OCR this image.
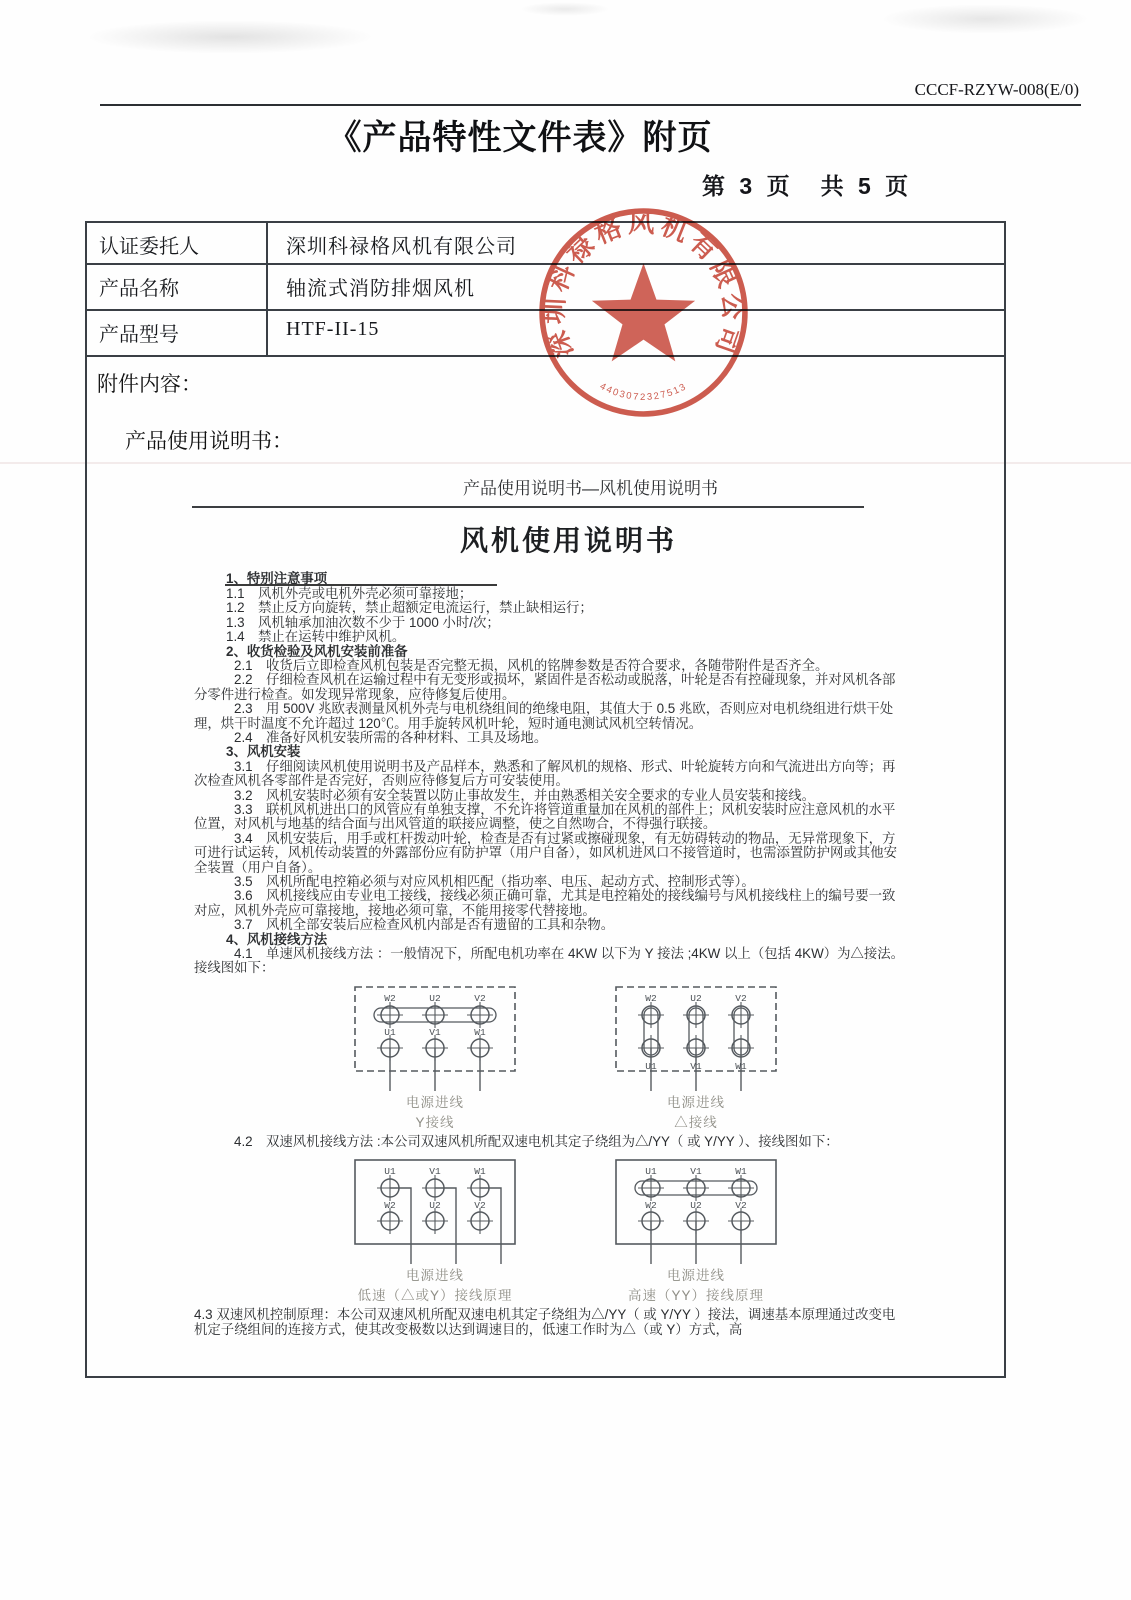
CCCF-RZYW-008(E/0)
《产品特性文件表》附页
第 3 页　共 5 页
认证委托人	深圳科禄格风机有限公司
产品名称	轴流式消防排烟风机
产品型号	HTF-II-15
附件内容：
产品使用说明书：
产品使用说明书—风机使用说明书
风机使用说明书
1、特别注意事项
1.1　风机外壳或电机外壳必须可靠接地；
1.2　禁止反方向旋转，禁止超额定电流运行，禁止缺相运行；
1.3　风机轴承加油次数不少于 1000 小时/次；
1.4　禁止在运转中维护风机。
2、收货检验及风机安装前准备
2.1　收货后立即检查风机包装是否完整无损，风机的铭牌参数是否符合要求，各随带附件是否齐全。
2.2　仔细检查风机在运输过程中有无变形或损坏，紧固件是否松动或脱落，叶轮是否有控碰现象，并对风机各部分零件进行检查。如发现异常现象，应待修复后使用。
2.3　用 500V 兆欧表测量风机外壳与电机绕组间的绝缘电阻，其值大于 0.5 兆欧，否则应对电机绕组进行烘干处理，烘干时温度不允许超过 120℃。用手旋转风机叶轮，短时通电测试风机空转情况。
2.4　准备好风机安装所需的各种材料、工具及场地。
3、风机安装
3.1　仔细阅读风机使用说明书及产品样本，熟悉和了解风机的规格、形式、叶轮旋转方向和气流进出方向等；再次检查风机各零部件是否完好，否则应待修复后方可安装使用。
3.2　风机安装时必须有安全装置以防止事故发生，并由熟悉相关安全要求的专业人员安装和接线。
3.3　联机风机进出口的风管应有单独支撑，不允许将管道重量加在风机的部件上；风机安装时应注意风机的水平位置，对风机与地基的结合面与出风管道的联接应调整，使之自然吻合，不得强行联接。
3.4　风机安装后，用手或杠杆拨动叶轮，检查是否有过紧或擦碰现象，有无妨碍转动的物品，无异常现象下，方可进行试运转，风机传动装置的外露部份应有防护罩（用户自备），如风机进风口不接管道时，也需添置防护网或其他安全装置（用户自备）。
3.5　风机所配电控箱必须与对应风机相匹配（指功率、电压、起动方式、控制形式等）。
3.6　风机接线应由专业电工接线，接线必须正确可靠，尤其是电控箱处的接线编号与风机接线柱上的编号要一致对应，风机外壳应可靠接地，接地必须可靠，不能用接零代替接地。
3.7　风机全部安装后应检查风机内部是否有遗留的工具和杂物。
4、风机接线方法
4.1　单速风机接线方法 ：一般情况下，所配电机功率在 4KW 以下为 Y 接法 ;4KW 以上（包括 4KW）为△接法。接线图如下：
W2
U1
U2
V1
V2
W1
电源进线
Y接线
W2
U1
U2
V1
V2
W1
电源进线
△接线
4.2　双速风机接线方法 :本公司双速风机所配双速电机其定子绕组为△/YY（ 或 Y/YY ）、接线图如下：
U1
W2
V1
U2
W1
V2
电源进线
低速（△或Y）接线原理
U1
W2
V1
U2
W1
V2
电源进线
高速（YY）接线原理
4.3 双速风机控制原理：本公司双速风机所配双速电机其定子绕组为△/YY（ 或 Y/YY ）接法，调速基本原理通过改变电机定子绕组间的连接方式，使其改变极数以达到调速目的，低速工作时为△（或 Y）方式，高
深圳科禄格风机有限公司
4403072327513
